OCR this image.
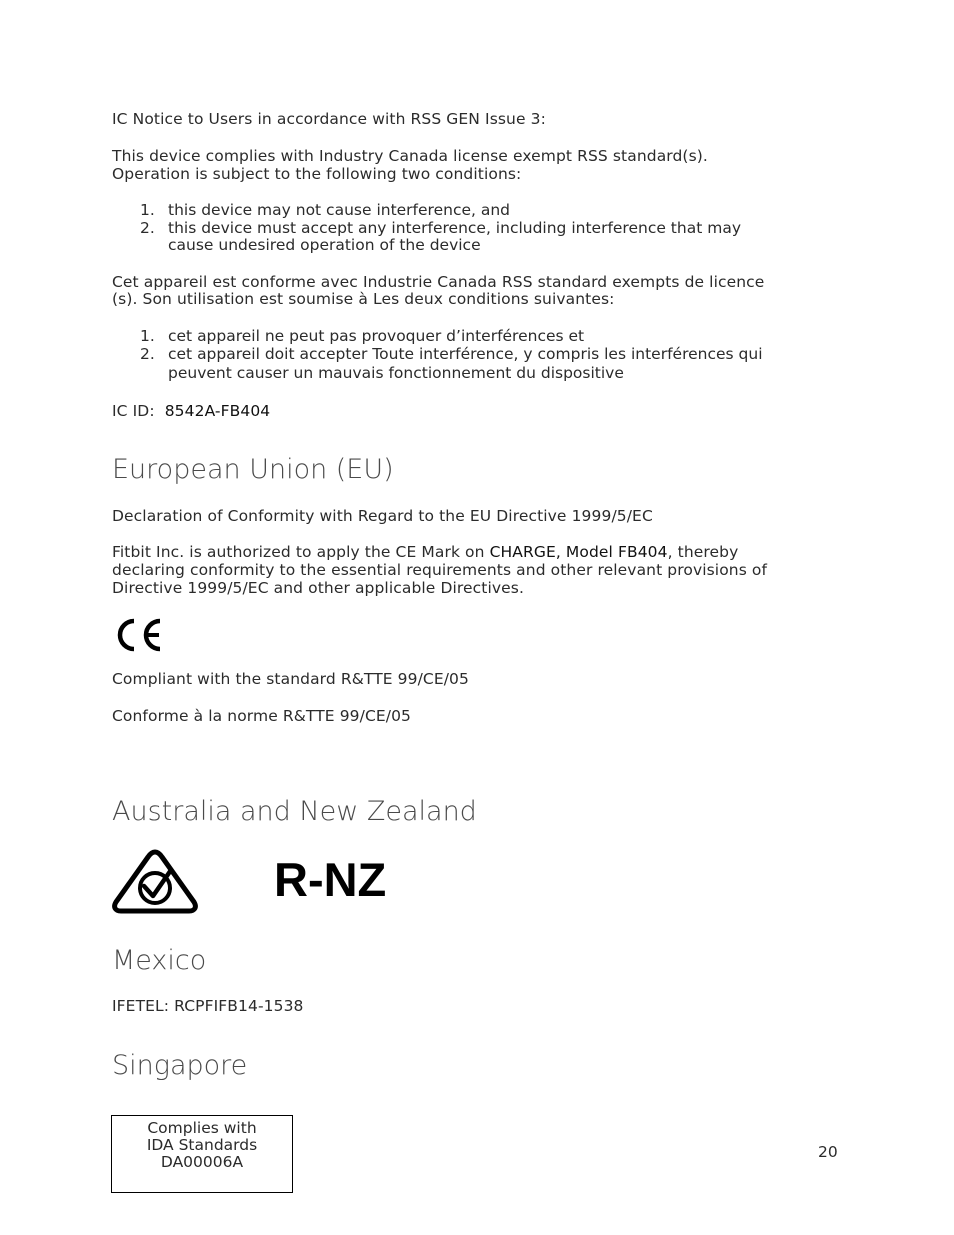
IC Notice to Users in accordance with RSS GEN Issue 3:

This device complies with Industry Canada license exempt RSS standard(s).

Operation is subject to the following two conditions:

1. this device may not cause interference, and
2. this device must accept any interference, including interference that may
cause undesired operation of the device

Cet appareil est conforme avec Industrie Canada RSS standard exempts de licence

(s). Son utilisation est soumise à Les deux conditions suivantes:

1. cet appareil ne peut pas provoquer d’interférences et
2. cet appareil doit accepter Toute interférence, y compris les interférences qui
peuvent causer un mauvais fonctionnement du dispositive

IC ID: 8542A-FB404

European Union (EU)

Declaration of Conformity with Regard to the EU Directive 1999/5/EC

Fitbit Inc. is authorized to apply the CE Mark on CHARGE, Model FB404, thereby

declaring conformity to the essential requirements and other relevant provisions of

Directive 1999/5/EC and other applicable Directives.

Compliant with the standard R&TTE 99/CE/05

Conforme à la norme R&TTE 99/CE/05

Australia and New Zealand

R-NZ

Mexico

IFETEL: RCPFIFB14-1538

Singapore
Complies with
IDA Standards
DA00006A

20
